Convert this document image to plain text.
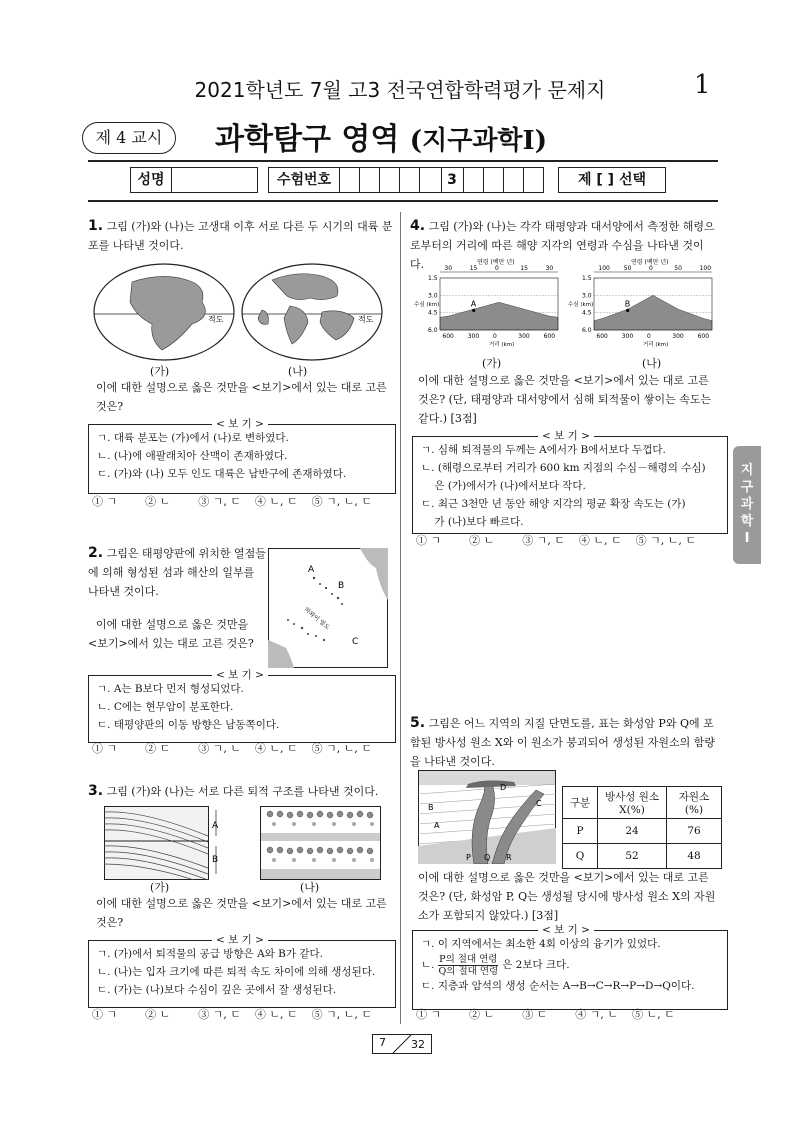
2021학년도 7월 고3 전국연합학력평가 문제지	1
제 4 교시	과학탐구 영역 (지구과학Ⅰ)
성명	수험번호	3	제 [ ] 선택
1. 그림 (가)와 (나)는 고생대 이후 서로 다른 두 시기의 대륙 분포를 나타낸 것이다.
적도	적도
(가)	(나)
이에 대한 설명으로 옳은 것만을 <보기>에서 있는 대로 고른 것은?
ㄱ. 대륙 분포는 (가)에서 (나)로 변하였다.
ㄴ. (나)에 애팔래치아 산맥이 존재하였다.
ㄷ. (가)와 (나) 모두 인도 대륙은 남반구에 존재하였다.
< 보 기 >
① ㄱ        ② ㄴ        ③ ㄱ, ㄷ    ④ ㄴ, ㄷ    ⑤ ㄱ, ㄴ, ㄷ
2. 그림은 태평양판에 위치한 열점들
에 의해 형성된 섬과 해산의 일부를
나타낸 것이다.
이에 대한 설명으로 옳은 것만을
<보기>에서 있는 대로 고른 것은?
A
B
C
하와이 열도
ㄱ. A는 B보다 먼저 형성되었다.
ㄴ. C에는 현무암이 분포한다.
ㄷ. 태평양판의 이동 방향은 남동쪽이다.
< 보 기 >
① ㄱ        ② ㄷ        ③ ㄱ, ㄴ    ④ ㄴ, ㄷ    ⑤ ㄱ, ㄴ, ㄷ
3. 그림 (가)와 (나)는 서로 다른 퇴적 구조를 나타낸 것이다.
A
B
(가)	(나)
이에 대한 설명으로 옳은 것만을 <보기>에서 있는 대로 고른 것은?
ㄱ. (가)에서 퇴적물의 공급 방향은 A와 B가 같다.
ㄴ. (나)는 입자 크기에 따른 퇴적 속도 차이에 의해 생성된다.
ㄷ. (가)는 (나)보다 수심이 깊은 곳에서 잘 생성된다.
< 보 기 >
① ㄱ        ② ㄴ        ③ ㄱ, ㄷ    ④ ㄴ, ㄷ    ⑤ ㄱ, ㄴ, ㄷ
4. 그림 (가)와 (나)는 각각 태평양과 대서양에서 측정한 해령으로부터의 거리에 따른 해양 지각의 연령과 수심을 나타낸 것이다.	연령 (백만 년)
30
600
15
300
0
0
15
300
30
600
거리 (km)
1.5
3.0
4.5
6.0
수심 (km)	A
연령 (백만 년)
100
600
50
300
0
0
50
300
100
600
거리 (km)
1.5
3.0
4.5
6.0
수심 (km)	B
(가)	(나)
이에 대한 설명으로 옳은 것만을 <보기>에서 있는 대로 고른 것은? (단, 태평양과 대서양에서 심해 퇴적물이 쌓이는 속도는 같다.) [3점]
ㄱ. 심해 퇴적물의 두께는 A에서가 B에서보다 두껍다.
ㄴ. (해령으로부터 거리가 600 km 지점의 수심－해령의 수심)
은 (가)에서가 (나)에서보다 작다.
ㄷ. 최근 3천만 년 동안 해양 지각의 평균 확장 속도는 (가)
가 (나)보다 빠르다.
< 보 기 >
① ㄱ        ② ㄴ        ③ ㄱ, ㄷ    ④ ㄴ, ㄷ    ⑤ ㄱ, ㄴ, ㄷ
5. 그림은 어느 지역의 지질 단면도를, 표는 화성암 P와 Q에 포함된 방사성 원소 X와 이 원소가 붕괴되어 생성된 자원소의 함량을 나타낸 것이다.
A
B	C
D
P Q R
구분	방사성 원소 X(%)	자원소 (%)
P	24	76
Q	52	48
이에 대한 설명으로 옳은 것만을 <보기>에서 있는 대로 고른 것은? (단, 화성암 P, Q는 생성될 당시에 방사성 원소 X의 자원소가 포함되지 않았다.) [3점]
ㄱ. 이 지역에서는 최소한 4회 이상의 융기가 있었다.
ㄴ. P의 절대 연령
Q의 절대 연령 은 2보다 크다.
ㄷ. 지층과 암석의 생성 순서는 A→B→C→R→P→D→Q이다.
< 보 기 >
① ㄱ        ② ㄴ        ③ ㄷ        ④ ㄱ, ㄴ    ⑤ ㄴ, ㄷ
지구과학Ⅰ
7 32
